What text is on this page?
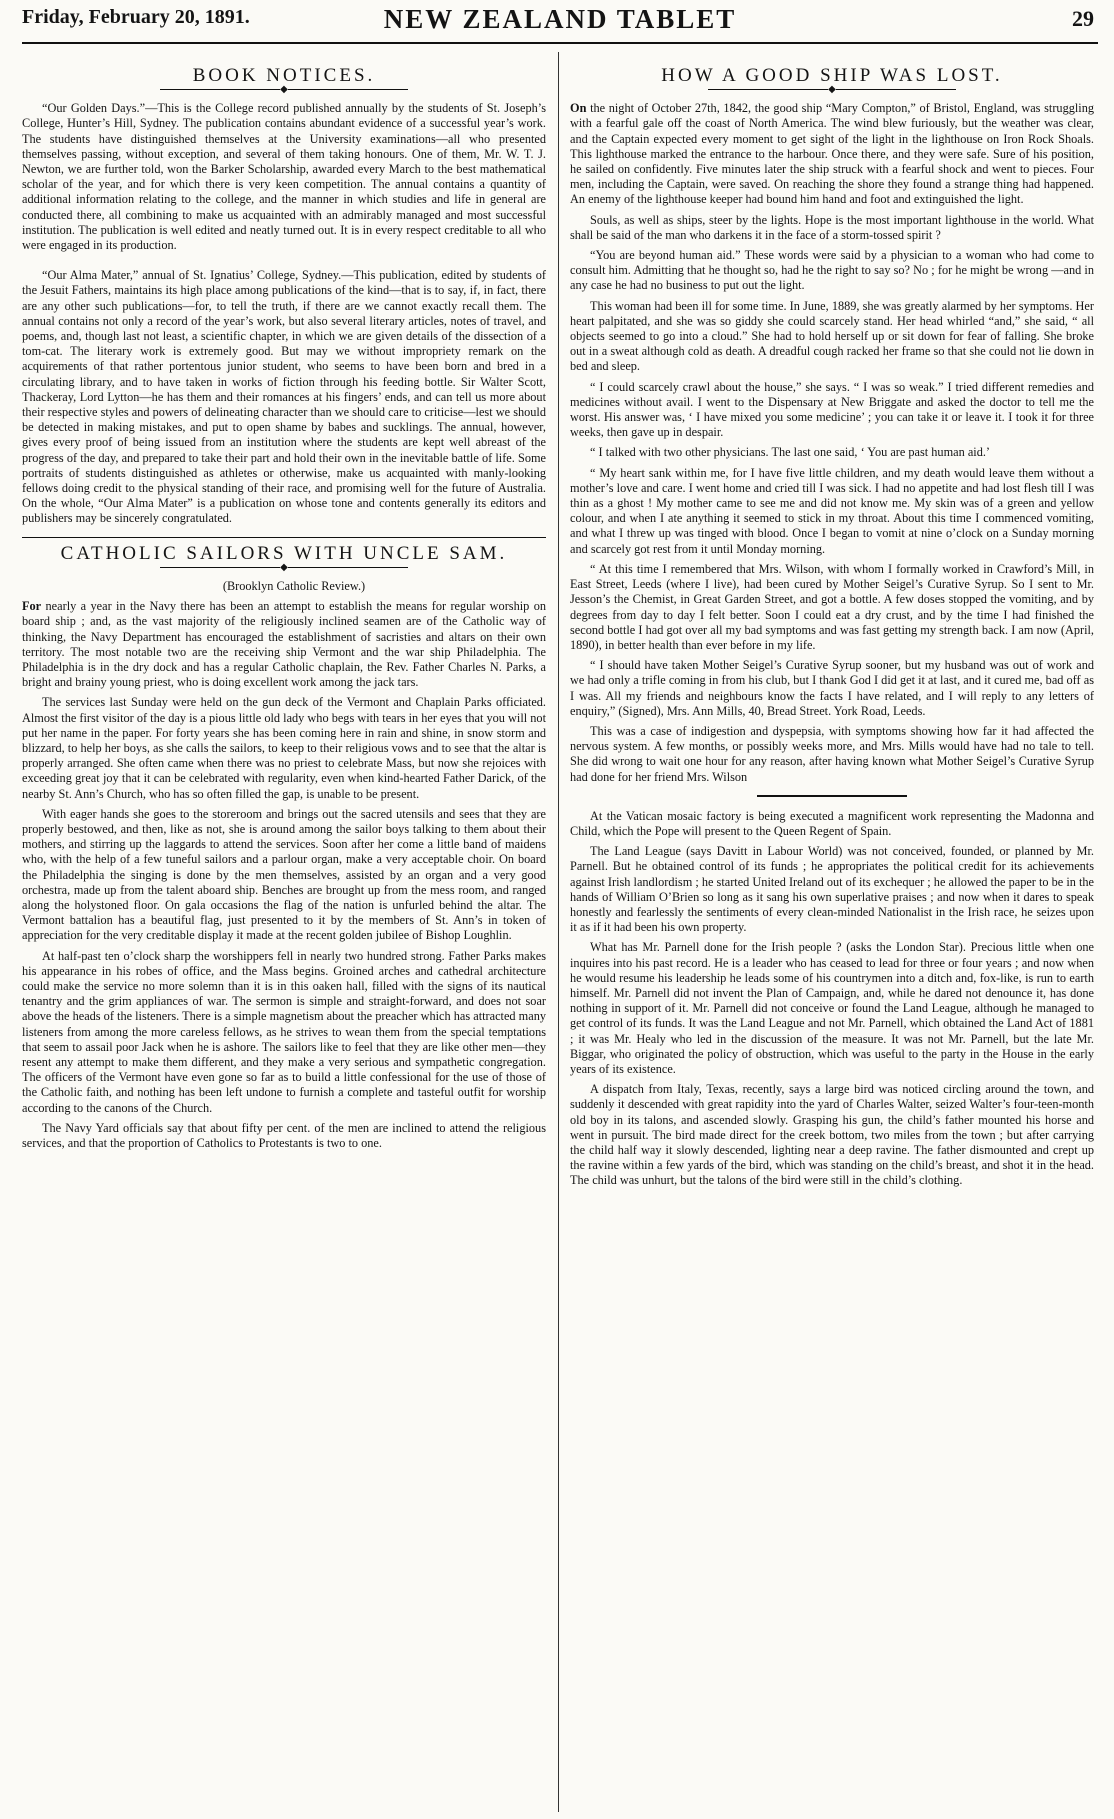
Friday, February 20, 1891.	NEW ZEALAND TABLET	29
BOOK NOTICES.
◆

“Our Golden Days.”—This is the College record published annually by the students of St. Joseph’s College, Hunter’s Hill, Sydney. The publication contains abundant evidence of a successful year’s work. The students have distinguished themselves at the University examinations—all who presented themselves passing, without exception, and several of them taking honours. One of them, Mr. W. T. J. Newton, we are further told, won the Barker Scholarship, awarded every March to the best mathematical scholar of the year, and for which there is very keen competition. The annual contains a quantity of additional information relating to the college, and the manner in which studies and life in general are conducted there, all combining to make us acquainted with an admirably managed and most successful institution. The publication is well edited and neatly turned out. It is in every respect creditable to all who were engaged in its production.

“Our Alma Mater,” annual of St. Ignatius’ College, Sydney.—This publication, edited by students of the Jesuit Fathers, maintains its high place among publications of the kind—that is to say, if, in fact, there are any other such publications—for, to tell the truth, if there are we cannot exactly recall them. The annual contains not only a record of the year’s work, but also several literary articles, notes of travel, and poems, and, though last not least, a scientific chapter, in which we are given details of the dissection of a tom-cat. The literary work is extremely good. But may we without impropriety remark on the acquirements of that rather portentous junior student, who seems to have been born and bred in a circulating library, and to have taken in works of fiction through his feeding bottle. Sir Walter Scott, Thackeray, Lord Lytton—he has them and their romances at his fingers’ ends, and can tell us more about their respective styles and powers of delineating character than we should care to criticise—lest we should be detected in making mistakes, and put to open shame by babes and sucklings. The annual, however, gives every proof of being issued from an institution where the students are kept well abreast of the progress of the day, and prepared to take their part and hold their own in the inevitable battle of life. Some portraits of students distinguished as athletes or otherwise, make us acquainted with manly-looking fellows doing credit to the physical standing of their race, and promising well for the future of Australia. On the whole, “Our Alma Mater” is a publication on whose tone and contents generally its editors and publishers may be sincerely congratulated.

CATHOLIC SAILORS WITH UNCLE SAM.
◆

(Brooklyn Catholic Review.)

For nearly a year in the Navy there has been an attempt to establish the means for regular worship on board ship ; and, as the vast majority of the religiously inclined seamen are of the Catholic way of thinking, the Navy Department has encouraged the establishment of sacristies and altars on their own territory. The most notable two are the receiving ship Vermont and the war ship Philadelphia. The Philadelphia is in the dry dock and has a regular Catholic chaplain, the Rev. Father Charles N. Parks, a bright and brainy young priest, who is doing excellent work among the jack tars.

The services last Sunday were held on the gun deck of the Vermont and Chaplain Parks officiated. Almost the first visitor of the day is a pious little old lady who begs with tears in her eyes that you will not put her name in the paper. For forty years she has been coming here in rain and shine, in snow storm and blizzard, to help her boys, as she calls the sailors, to keep to their religious vows and to see that the altar is properly arranged. She often came when there was no priest to celebrate Mass, but now she rejoices with exceeding great joy that it can be celebrated with regularity, even when kind-hearted Father Darick, of the nearby St. Ann’s Church, who has so often filled the gap, is unable to be present.

With eager hands she goes to the storeroom and brings out the sacred utensils and sees that they are properly bestowed, and then, like as not, she is around among the sailor boys talking to them about their mothers, and stirring up the laggards to attend the services. Soon after her come a little band of maidens who, with the help of a few tuneful sailors and a parlour organ, make a very acceptable choir. On board the Philadelphia the singing is done by the men themselves, assisted by an organ and a very good orchestra, made up from the talent aboard ship. Benches are brought up from the mess room, and ranged along the holystoned floor. On gala occasions the flag of the nation is unfurled behind the altar. The Vermont battalion has a beautiful flag, just presented to it by the members of St. Ann’s in token of appreciation for the very creditable display it made at the recent golden jubilee of Bishop Loughlin.

At half-past ten o’clock sharp the worshippers fell in nearly two hundred strong. Father Parks makes his appearance in his robes of office, and the Mass begins. Groined arches and cathedral architecture could make the service no more solemn than it is in this oaken hall, filled with the signs of its nautical tenantry and the grim appliances of war. The sermon is simple and straight-forward, and does not soar above the heads of the listeners. There is a simple magnetism about the preacher which has attracted many listeners from among the more careless fellows, as he strives to wean them from the special temptations that seem to assail poor Jack when he is ashore. The sailors like to feel that they are like other men—they resent any attempt to make them different, and they make a very serious and sympathetic congregation. The officers of the Vermont have even gone so far as to build a little confessional for the use of those of the Catholic faith, and nothing has been left undone to furnish a complete and tasteful outfit for worship according to the canons of the Church.

The Navy Yard officials say that about fifty per cent. of the men are inclined to attend the religious services, and that the proportion of Catholics to Protestants is two to one.

HOW A GOOD SHIP WAS LOST.
◆

On the night of October 27th, 1842, the good ship “Mary Compton,” of Bristol, England, was struggling with a fearful gale off the coast of North America. The wind blew furiously, but the weather was clear, and the Captain expected every moment to get sight of the light in the lighthouse on Iron Rock Shoals. This lighthouse marked the entrance to the harbour. Once there, and they were safe. Sure of his position, he sailed on confidently. Five minutes later the ship struck with a fearful shock and went to pieces. Four men, including the Captain, were saved. On reaching the shore they found a strange thing had happened. An enemy of the lighthouse keeper had bound him hand and foot and extinguished the light.

Souls, as well as ships, steer by the lights. Hope is the most important lighthouse in the world. What shall be said of the man who darkens it in the face of a storm-tossed spirit ?

“You are beyond human aid.” These words were said by a physician to a woman who had come to consult him. Admitting that he thought so, had he the right to say so? No ; for he might be wrong —and in any case he had no business to put out the light.

This woman had been ill for some time. In June, 1889, she was greatly alarmed by her symptoms. Her heart palpitated, and she was so giddy she could scarcely stand. Her head whirled “and,” she said, “ all objects seemed to go into a cloud.” She had to hold herself up or sit down for fear of falling. She broke out in a sweat although cold as death. A dreadful cough racked her frame so that she could not lie down in bed and sleep.

“ I could scarcely crawl about the house,” she says. “ I was so weak.” I tried different remedies and medicines without avail. I went to the Dispensary at New Briggate and asked the doctor to tell me the worst. His answer was, ‘ I have mixed you some medicine’ ; you can take it or leave it. I took it for three weeks, then gave up in despair.

“ I talked with two other physicians. The last one said, ‘ You are past human aid.’

“ My heart sank within me, for I have five little children, and my death would leave them without a mother’s love and care. I went home and cried till I was sick. I had no appetite and had lost flesh till I was thin as a ghost ! My mother came to see me and did not know me. My skin was of a green and yellow colour, and when I ate anything it seemed to stick in my throat. About this time I commenced vomiting, and what I threw up was tinged with blood. Once I began to vomit at nine o’clock on a Sunday morning and scarcely got rest from it until Monday morning.

“ At this time I remembered that Mrs. Wilson, with whom I formally worked in Crawford’s Mill, in East Street, Leeds (where I live), had been cured by Mother Seigel’s Curative Syrup. So I sent to Mr. Jesson’s the Chemist, in Great Garden Street, and got a bottle. A few doses stopped the vomiting, and by degrees from day to day I felt better. Soon I could eat a dry crust, and by the time I had finished the second bottle I had got over all my bad symptoms and was fast getting my strength back. I am now (April, 1890), in better health than ever before in my life.

“ I should have taken Mother Seigel’s Curative Syrup sooner, but my husband was out of work and we had only a trifle coming in from his club, but I thank God I did get it at last, and it cured me, bad off as I was. All my friends and neighbours know the facts I have related, and I will reply to any letters of enquiry,” (Signed), Mrs. Ann Mills, 40, Bread Street. York Road, Leeds.

This was a case of indigestion and dyspepsia, with symptoms showing how far it had affected the nervous system. A few months, or possibly weeks more, and Mrs. Mills would have had no tale to tell. She did wrong to wait one hour for any reason, after having known what Mother Seigel’s Curative Syrup had done for her friend Mrs. Wilson

At the Vatican mosaic factory is being executed a magnificent work representing the Madonna and Child, which the Pope will present to the Queen Regent of Spain.

The Land League (says Davitt in Labour World) was not conceived, founded, or planned by Mr. Parnell. But he obtained control of its funds ; he appropriates the political credit for its achievements against Irish landlordism ; he started United Ireland out of its exchequer ; he allowed the paper to be in the hands of William O’Brien so long as it sang his own superlative praises ; and now when it dares to speak honestly and fearlessly the sentiments of every clean-minded Nationalist in the Irish race, he seizes upon it as if it had been his own property.

What has Mr. Parnell done for the Irish people ? (asks the London Star). Precious little when one inquires into his past record. He is a leader who has ceased to lead for three or four years ; and now when he would resume his leadership he leads some of his countrymen into a ditch and, fox-like, is run to earth himself. Mr. Parnell did not invent the Plan of Campaign, and, while he dared not denounce it, has done nothing in support of it. Mr. Parnell did not conceive or found the Land League, although he managed to get control of its funds. It was the Land League and not Mr. Parnell, which obtained the Land Act of 1881 ; it was Mr. Healy who led in the discussion of the measure. It was not Mr. Parnell, but the late Mr. Biggar, who originated the policy of obstruction, which was useful to the party in the House in the early years of its existence.

A dispatch from Italy, Texas, recently, says a large bird was noticed circling around the town, and suddenly it descended with great rapidity into the yard of Charles Walter, seized Walter’s four-teen-month old boy in its talons, and ascended slowly. Grasping his gun, the child’s father mounted his horse and went in pursuit. The bird made direct for the creek bottom, two miles from the town ; but after carrying the child half way it slowly descended, lighting near a deep ravine. The father dismounted and crept up the ravine within a few yards of the bird, which was standing on the child’s breast, and shot it in the head. The child was unhurt, but the talons of the bird were still in the child’s clothing.
